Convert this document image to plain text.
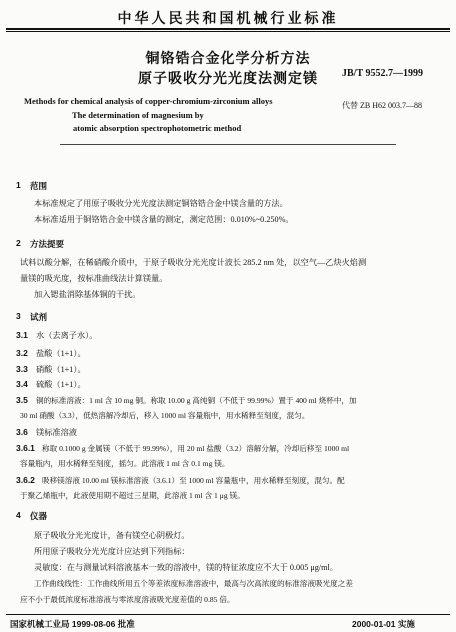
中华人民共和国机械行业标准
铜铬锆合金化学分析方法
原子吸收分光光度法测定镁	JB/T 9552.7—1999
代替 ZB H62 003.7—88
Methods for chemical analysis of copper-chromium-zirconium alloys
The determination of magnesium by
atomic absorption spectrophotometric method
1 范围
本标准规定了用原子吸收分光光度法测定铜铬锆合金中镁含量的方法。
本标准适用于铜铬锆合金中镁含量的测定，测定范围：0.010%~0.250%。
2 方法提要
试料以酸分解，在稀硝酸介质中，于原子吸收分光光度计波长 285.2 nm 处，以空气—乙炔火焰测
量镁的吸光度，按标准曲线法计算镁量。
加入锶盐消除基体铜的干扰。
3 试剂
3.1 水（去离子水）。
3.2 盐酸（1+1）。
3.3 硝酸（1+1）。
3.4 硫酸（1+1）。
3.5 铜的标准溶液：1 ml 含 10 mg 铜。称取 10.00 g 高纯铜（不低于 99.99%）置于 400 ml 烧杯中，加
30 ml 硝酸（3.3），低热溶解冷却后，移入 1000 ml 容量瓶中，用水稀释至刻度，混匀。
3.6 镁标准溶液
3.6.1 称取 0.1000 g 金属镁（不低于 99.99%），用 20 ml 盐酸（3.2）溶解分解，冷却后移至 1000 ml
容量瓶内，用水稀释至刻度，摇匀。此溶液 1 ml 含 0.1 mg 镁。
3.6.2 吸移镁溶液 10.00 ml 镁标准溶液（3.6.1）至 1000 ml 容量瓶中，用水稀释至刻度，混匀。配
于聚乙烯瓶中，此液使用期不超过三星期，此溶液 1 ml 含 1 μg 镁。
4 仪器
原子吸收分光光度计，备有镁空心阴极灯。
所用原子吸收分光光度计应达到下列指标：
灵敏度：在与测量试料溶液基本一致的溶液中，镁的特征浓度应不大于 0.005 μg/ml。
工作曲线线性：工作曲线所用五个等差浓度标准溶液中，最高与次高浓度的标准溶液吸光度之差
应不小于最低浓度标准溶液与零浓度溶液吸光度差值的 0.85 倍。
国家机械工业局 1999-08-06 批准	2000-01-01 实施
